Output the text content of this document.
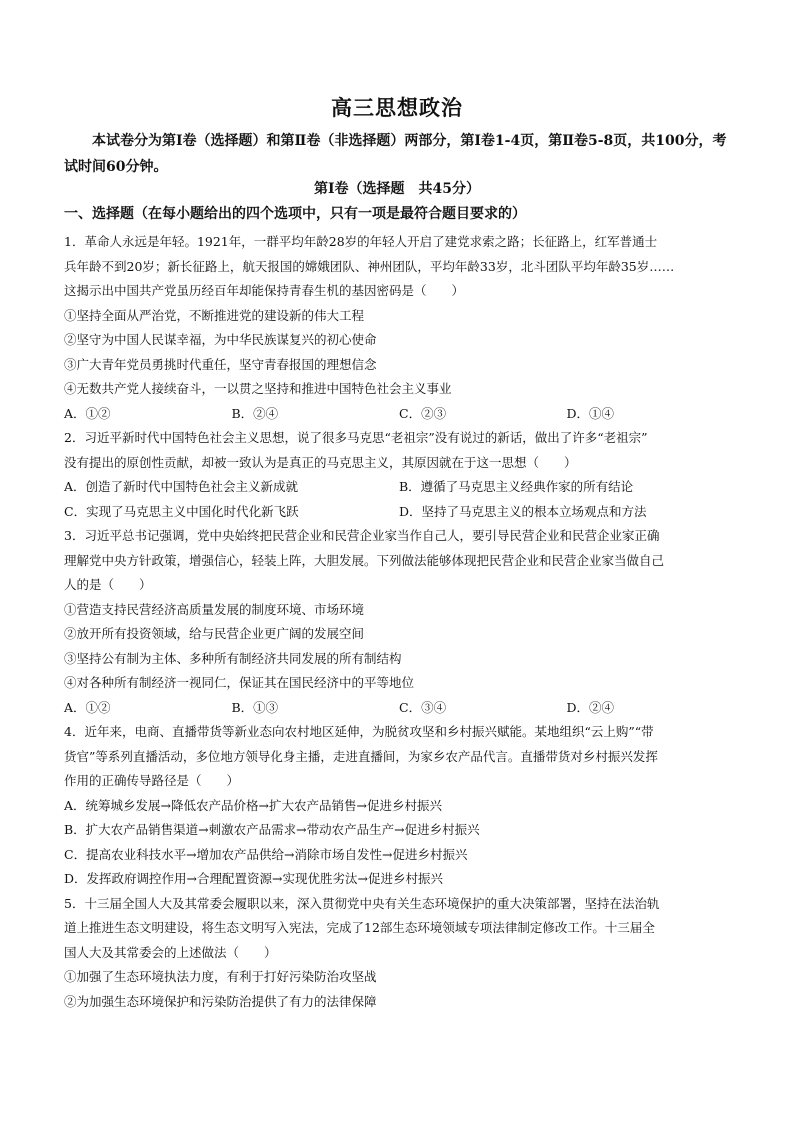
高三思想政治
本试卷分为第Ⅰ卷（选择题）和第Ⅱ卷（非选择题）两部分，第Ⅰ卷1-4页，第Ⅱ卷5-8页，共100分，考试时间60分钟。
第Ⅰ卷（选择题　共45分）
一、选择题（在每小题给出的四个选项中，只有一项是最符合题目要求的）
1．革命人永远是年轻。1921年，一群平均年龄28岁的年轻人开启了建党求索之路；长征路上，红军普通士
兵年龄不到20岁；新长征路上，航天报国的嫦娥团队、神州团队，平均年龄33岁，北斗团队平均年龄35岁……
这揭示出中国共产党虽历经百年却能保持青春生机的基因密码是（　　）
①坚持全面从严治党，不断推进党的建设新的伟大工程
②坚守为中国人民谋幸福，为中华民族谋复兴的初心使命
③广大青年党员勇挑时代重任，坚守青春报国的理想信念
④无数共产党人接续奋斗，一以贯之坚持和推进中国特色社会主义事业
A．①②	B．②④	C．②③	D．①④
2．习近平新时代中国特色社会主义思想，说了很多马克思“老祖宗”没有说过的新话，做出了许多“老祖宗”
没有提出的原创性贡献，却被一致认为是真正的马克思主义，其原因就在于这一思想（　　）
A．创造了新时代中国特色社会主义新成就	B．遵循了马克思主义经典作家的所有结论
C．实现了马克思主义中国化时代化新飞跃	D．坚持了马克思主义的根本立场观点和方法
3．习近平总书记强调，党中央始终把民营企业和民营企业家当作自己人，要引导民营企业和民营企业家正确
理解党中央方针政策，增强信心，轻装上阵，大胆发展。下列做法能够体现把民营企业和民营企业家当做自己
人的是（　　）
①营造支持民营经济高质量发展的制度环境、市场环境
②放开所有投资领域，给与民营企业更广阔的发展空间
③坚持公有制为主体、多种所有制经济共同发展的所有制结构
④对各种所有制经济一视同仁，保证其在国民经济中的平等地位
A．①②	B．①③	C．③④	D．②④
4．近年来，电商、直播带货等新业态向农村地区延伸，为脱贫攻坚和乡村振兴赋能。某地组织“云上购”“带
货官”等系列直播活动，多位地方领导化身主播，走进直播间，为家乡农产品代言。直播带货对乡村振兴发挥
作用的正确传导路径是（　　）
A．统筹城乡发展→降低农产品价格→扩大农产品销售→促进乡村振兴
B．扩大农产品销售渠道→刺激农产品需求→带动农产品生产→促进乡村振兴
C．提高农业科技水平→增加农产品供给→消除市场自发性→促进乡村振兴
D．发挥政府调控作用→合理配置资源→实现优胜劣汰→促进乡村振兴
5．十三届全国人大及其常委会履职以来，深入贯彻党中央有关生态环境保护的重大决策部署，坚持在法治轨
道上推进生态文明建设，将生态文明写入宪法，完成了12部生态环境领域专项法律制定修改工作。十三届全
国人大及其常委会的上述做法（　　）
①加强了生态环境执法力度，有利于打好污染防治攻坚战
②为加强生态环境保护和污染防治提供了有力的法律保障
